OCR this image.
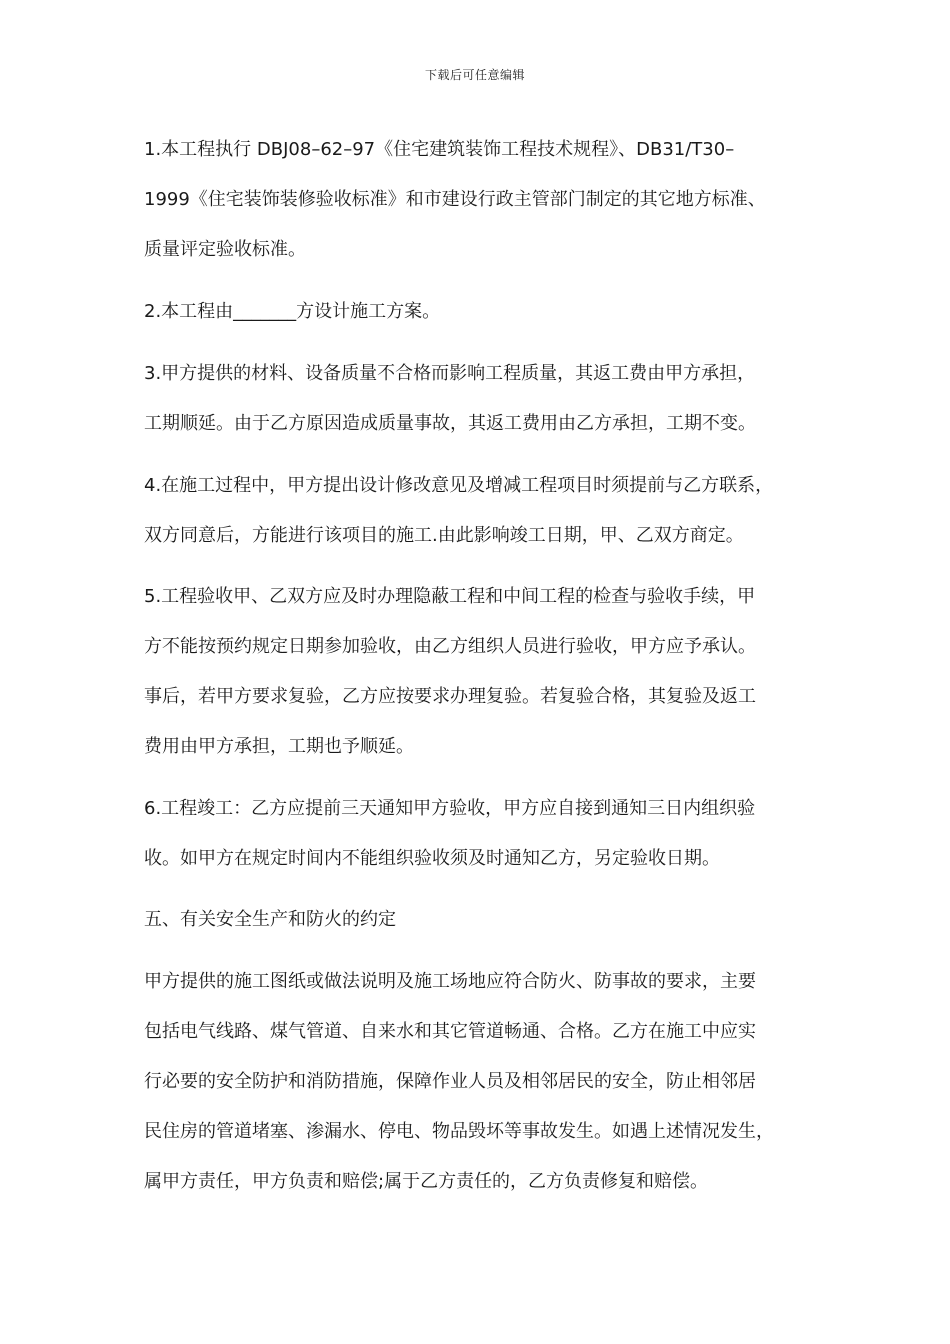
下载后可任意编辑
1.本工程执行 DBJ08–62–97《住宅建筑装饰工程技术规程》、DB31/T30–
1999《住宅装饰装修验收标准》和市建设行政主管部门制定的其它地方标准、
质量评定验收标准。
2.本工程由_______方设计施工方案。
3.甲方提供的材料、设备质量不合格而影响工程质量，其返工费由甲方承担，
工期顺延。由于乙方原因造成质量事故，其返工费用由乙方承担，工期不变。
4.在施工过程中，甲方提出设计修改意见及增减工程项目时须提前与乙方联系，
双方同意后，方能进行该项目的施工.由此影响竣工日期，甲、乙双方商定。
5.工程验收甲、乙双方应及时办理隐蔽工程和中间工程的检查与验收手续，甲
方不能按预约规定日期参加验收，由乙方组织人员进行验收，甲方应予承认。
事后，若甲方要求复验，乙方应按要求办理复验。若复验合格，其复验及返工
费用由甲方承担，工期也予顺延。
6.工程竣工：乙方应提前三天通知甲方验收，甲方应自接到通知三日内组织验
收。如甲方在规定时间内不能组织验收须及时通知乙方，另定验收日期。
五、有关安全生产和防火的约定
甲方提供的施工图纸或做法说明及施工场地应符合防火、防事故的要求，主要
包括电气线路、煤气管道、自来水和其它管道畅通、合格。乙方在施工中应实
行必要的安全防护和消防措施，保障作业人员及相邻居民的安全，防止相邻居
民住房的管道堵塞、渗漏水、停电、物品毁坏等事故发生。如遇上述情况发生，
属甲方责任，甲方负责和赔偿;属于乙方责任的，乙方负责修复和赔偿。
